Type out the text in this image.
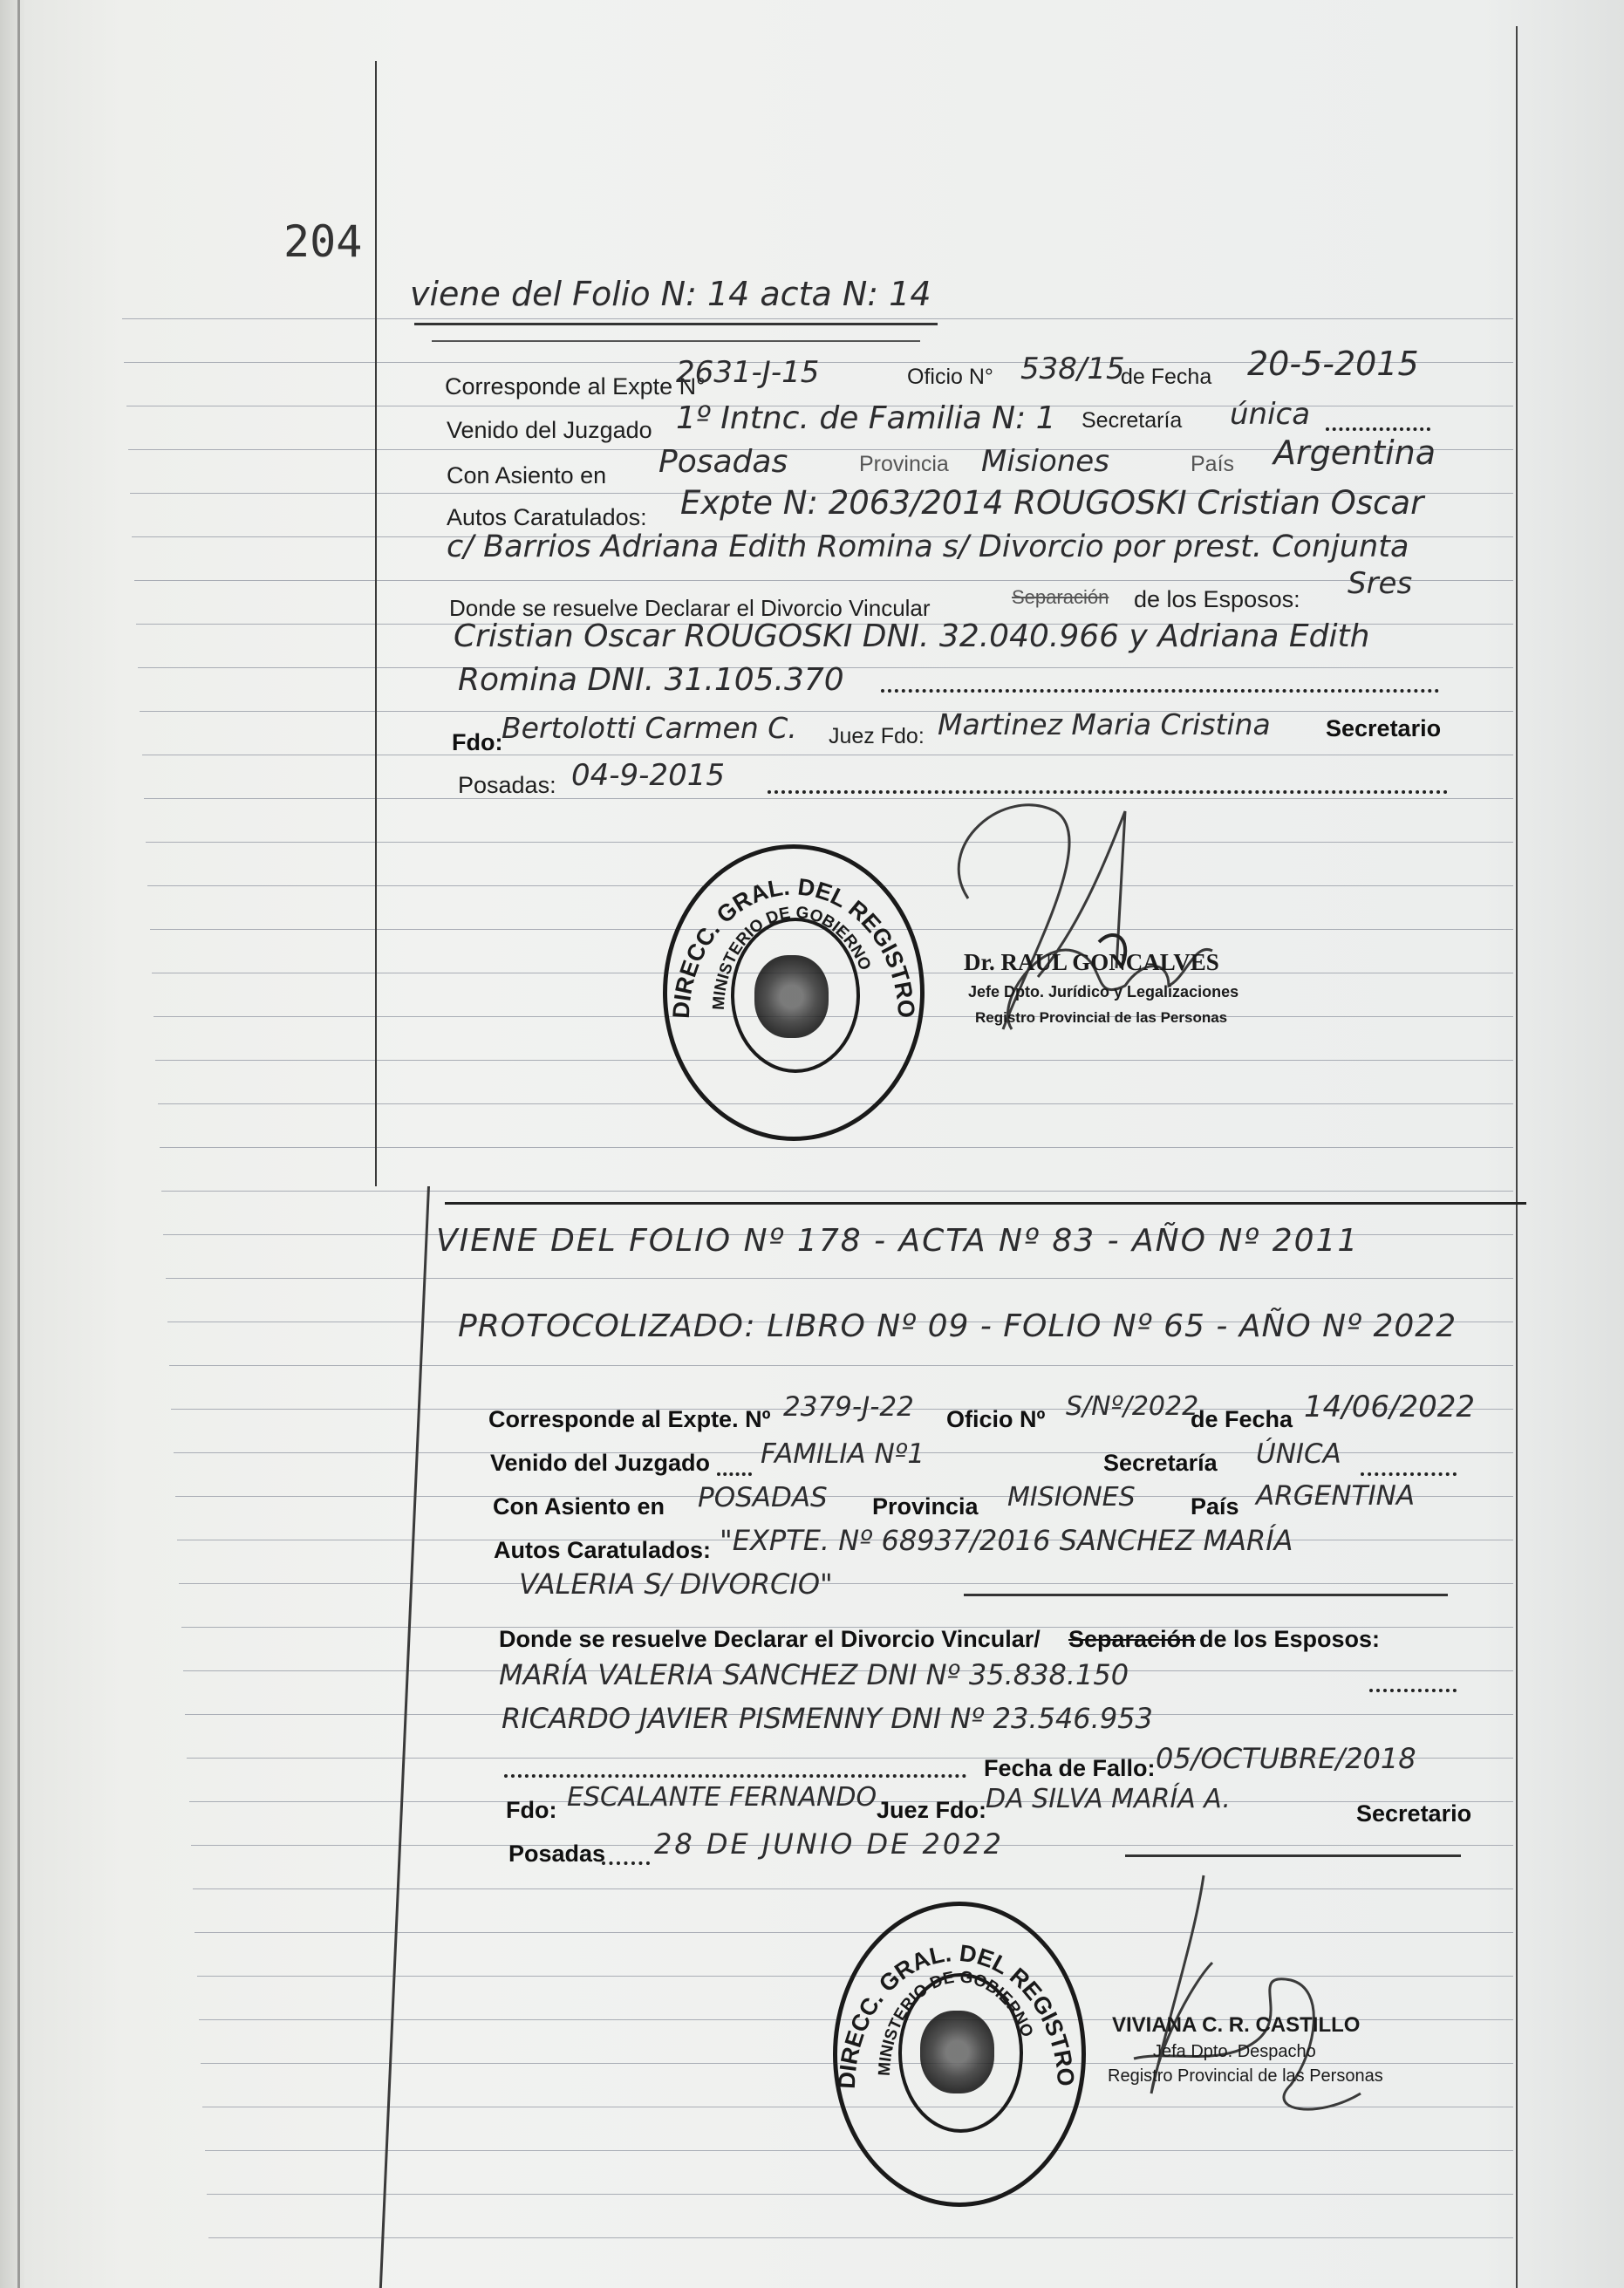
204
viene del Folio N: 14 acta N: 14
Corresponde al Expte N°
2631-J-15	Oficio N° 538/15
de Fecha 20-5-2015
Venido del Juzgado 1º Intnc. de Familia N: 1 Secretaría única
Con Asiento en Posadas	Provincia Misiones	País Argentina
Autos Caratulados: Expte N: 2063/2014 ROUGOSKI Cristian Oscar
c/ Barrios Adriana Edith Romina s/ Divorcio por prest. Conjunta
Donde se resuelve Declarar el Divorcio Vincular	Separación de los Esposos: Sres
Cristian Oscar ROUGOSKI DNI. 32.040.966 y Adriana Edith
Romina DNI. 31.105.370
Fdo:
Bertolotti Carmen C. Juez Fdo: Martinez Maria Cristina Secretario
Posadas: 04-9-2015
DIRECC. GRAL. DEL REGISTRO PROVINCIAL DE LAS PERSONAS
MINISTERIO DE GOBIERNO	Dr. RAUL GONCALVES
Jefe Dpto. Jurídico y Legalizaciones
Registro Provincial de las Personas
VIENE DEL FOLIO Nº 178 - ACTA Nº 83 - AÑO Nº 2011
PROTOCOLIZADO: LIBRO Nº 09 - FOLIO Nº 65 - AÑO Nº 2022
Corresponde al Expte. Nº 2379-J-22 Oficio Nº S/Nº/2022
de Fecha 14/06/2022
Venido del Juzgado FAMILIA Nº1	Secretaría ÚNICA
Con Asiento en POSADAS Provincia MISIONES País ARGENTINA
Autos Caratulados: "EXPTE. Nº 68937/2016 SANCHEZ MARÍA
VALERIA S/ DIVORCIO"
Donde se resuelve Declarar el Divorcio Vincular/ Separación de los Esposos:
MARÍA VALERIA SANCHEZ DNI Nº 35.838.150
RICARDO JAVIER PISMENNY DNI Nº 23.546.953
Fecha de Fallo: 05/OCTUBRE/2018
Fdo: ESCALANTE FERNANDO Juez Fdo: DA SILVA MARÍA A.	Secretario
Posadas 28 DE JUNIO DE 2022
DIRECC. GRAL. DEL REGISTRO PROVINCIAL DE LAS PERSONAS
MINISTERIO DE GOBIERNO	VIVIANA C. R. CASTILLO
Jefa Dpto. Despacho
Registro Provincial de las Personas
